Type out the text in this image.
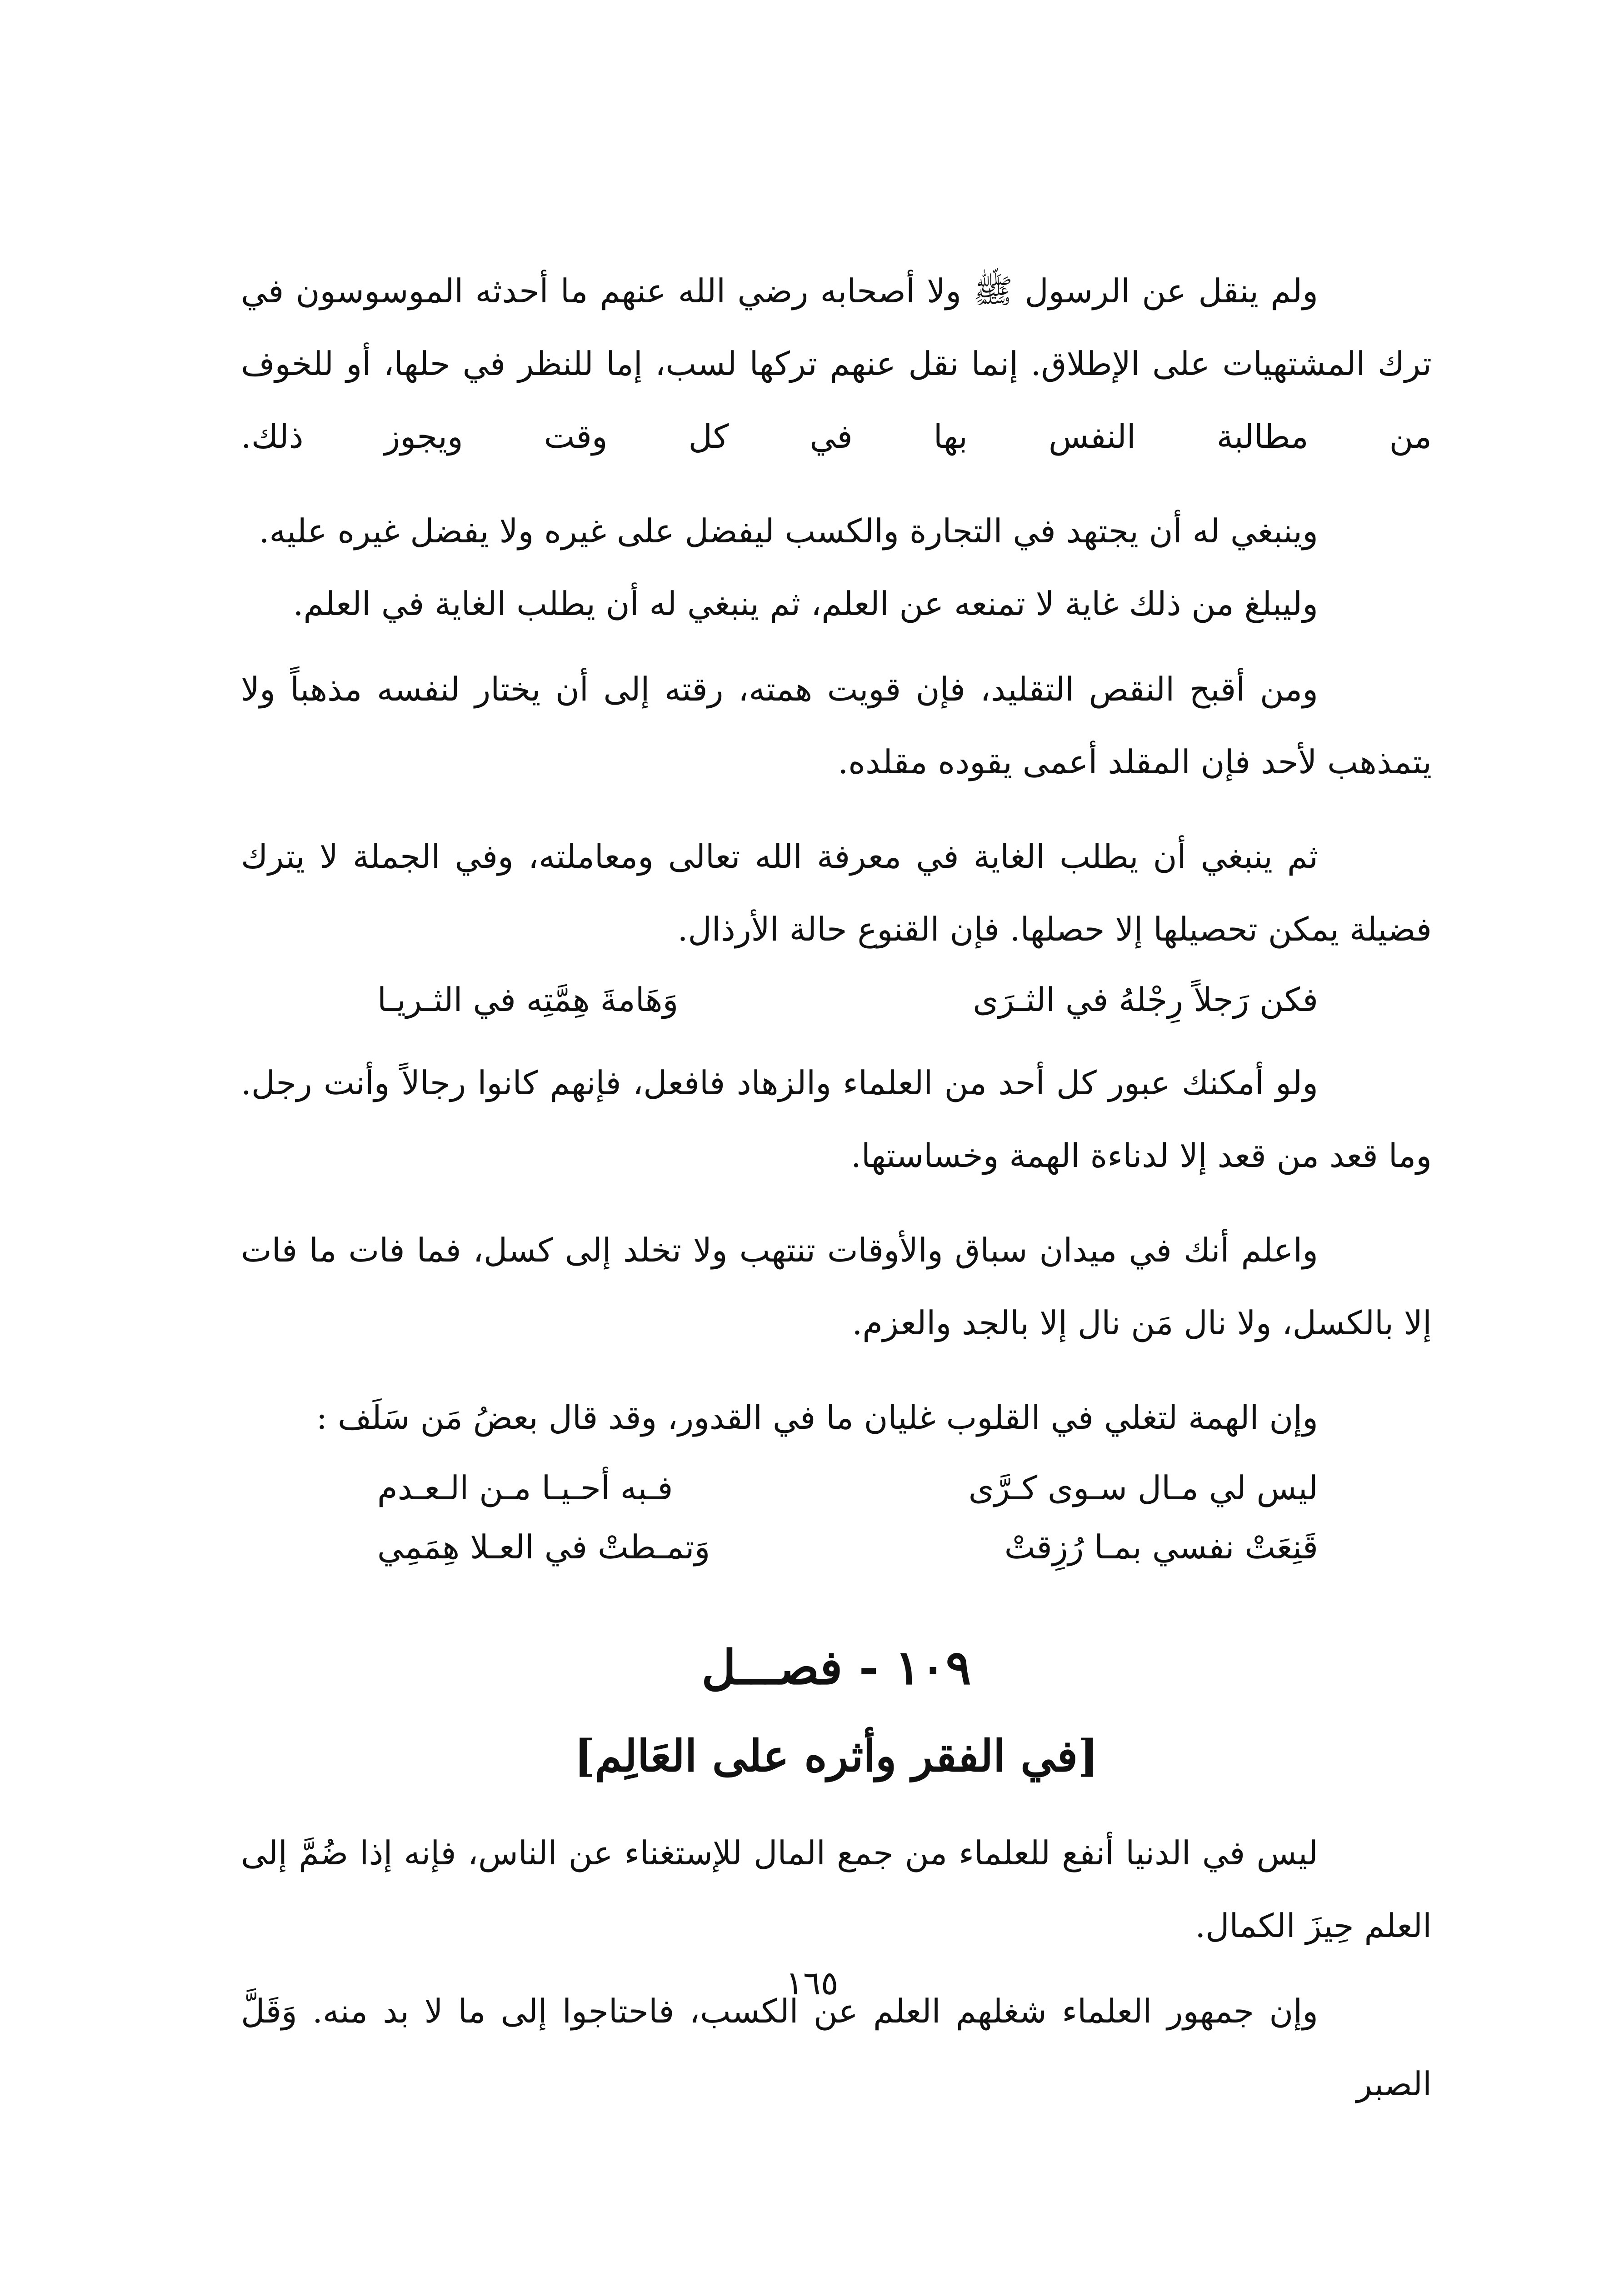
ولم ينقل عن الرسول ﷺ ولا أصحابه رضي الله عنهم ما أحدثه الموسوسون في ترك المشتهيات على الإطلاق. إنما نقل عنهم تركها لسب، إما للنظر في حلها، أو للخوف من مطالبة النفس بها في كل وقت ويجوز ذلك.

وينبغي له أن يجتهد في التجارة والكسب ليفضل على غيره ولا يفضل غيره عليه.

وليبلغ من ذلك غاية لا تمنعه عن العلم، ثم ينبغي له أن يطلب الغاية في العلم.

ومن أقبح النقص التقليد، فإن قويت همته، رقته إلى أن يختار لنفسه مذهباً ولا يتمذهب لأحد فإن المقلد أعمى يقوده مقلده.

ثم ينبغي أن يطلب الغاية في معرفة الله تعالى ومعاملته، وفي الجملة لا يترك فضيلة يمكن تحصيلها إلا حصلها. فإن القنوع حالة الأرذال.

فكن رَجلاً رِجْلهُ في الثـرَى
وَهَامةَ هِمَّتِه في الثـريـا

ولو أمكنك عبور كل أحد من العلماء والزهاد فافعل، فإنهم كانوا رجالاً وأنت رجل. وما قعد من قعد إلا لدناءة الهمة وخساستها.

واعلم أنك في ميدان سباق والأوقات تنتهب ولا تخلد إلى كسل، فما فات ما فات إلا بالكسل، ولا نال مَن نال إلا بالجد والعزم.

وإن الهمة لتغلي في القلوب غليان ما في القدور، وقد قال بعضُ مَن سَلَف :

ليس لي مـال سـوى كـرَّى
فـبه أحـيـا مـن الـعـدم
قَنِعَتْ نفسي بمـا رُزِقتْ
وَتمـطتْ في العـلا هِمَمِي
١٠٩ - فصـــل
[في الفقر وأثره على العَالِم]

ليس في الدنيا أنفع للعلماء من جمع المال للإستغناء عن الناس، فإنه إذا ضُمَّ إلى العلم حِيزَ الكمال.

وإن جمهور العلماء شغلهم العلم عن الكسب، فاحتاجوا إلى ما لا بد منه. وَقَلَّ الصبر

١٦٥
